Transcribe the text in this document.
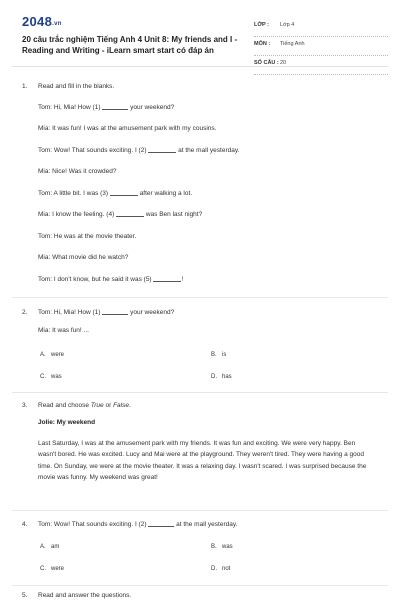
2048.vn
20 câu trắc nghiệm Tiếng Anh 4 Unit 8: My friends and I - Reading and Writing - iLearn smart start có đáp án
LỚP : Lớp 4
MÔN : Tiếng Anh
SỐ CÂU : 20
1. Read and fill in the blanks.
Tom: Hi, Mia! How (1)	your weekend?
Mia: It was fun! I was at the amusement park with my cousins.
Tom: Wow! That sounds exciting. I (2)	at the mall yesterday.
Mia: Nice! Was it crowded?
Tom: A little bit. I was (3)	after walking a lot.
Mia: I know the feeling. (4)	was Ben last night?
Tom: He was at the movie theater.
Mia: What movie did he watch?
Tom: I don't know, but he said it was (5)	!
2. Tom: Hi, Mia! How (1)	your weekend?
Mia: It was fun! ...
A. were	B. is
C. was	D. has
3. Read and choose True or False.
Jolie: My weekend
Last Saturday, I was at the amusement park with my friends. It was fun and exciting. We were very happy. Ben wasn't bored. He was excited. Lucy and Mai were at the playground. They weren't tired. They were having a good time. On Sunday, we were at the movie theater. It was a relaxing day. I wasn't scared. I was surprised because the movie was funny. My weekend was great!
4. Tom: Wow! That sounds exciting. I (2)	at the mall yesterday.
A. am	B. was
C. were	D. not
5. Read and answer the questions.
